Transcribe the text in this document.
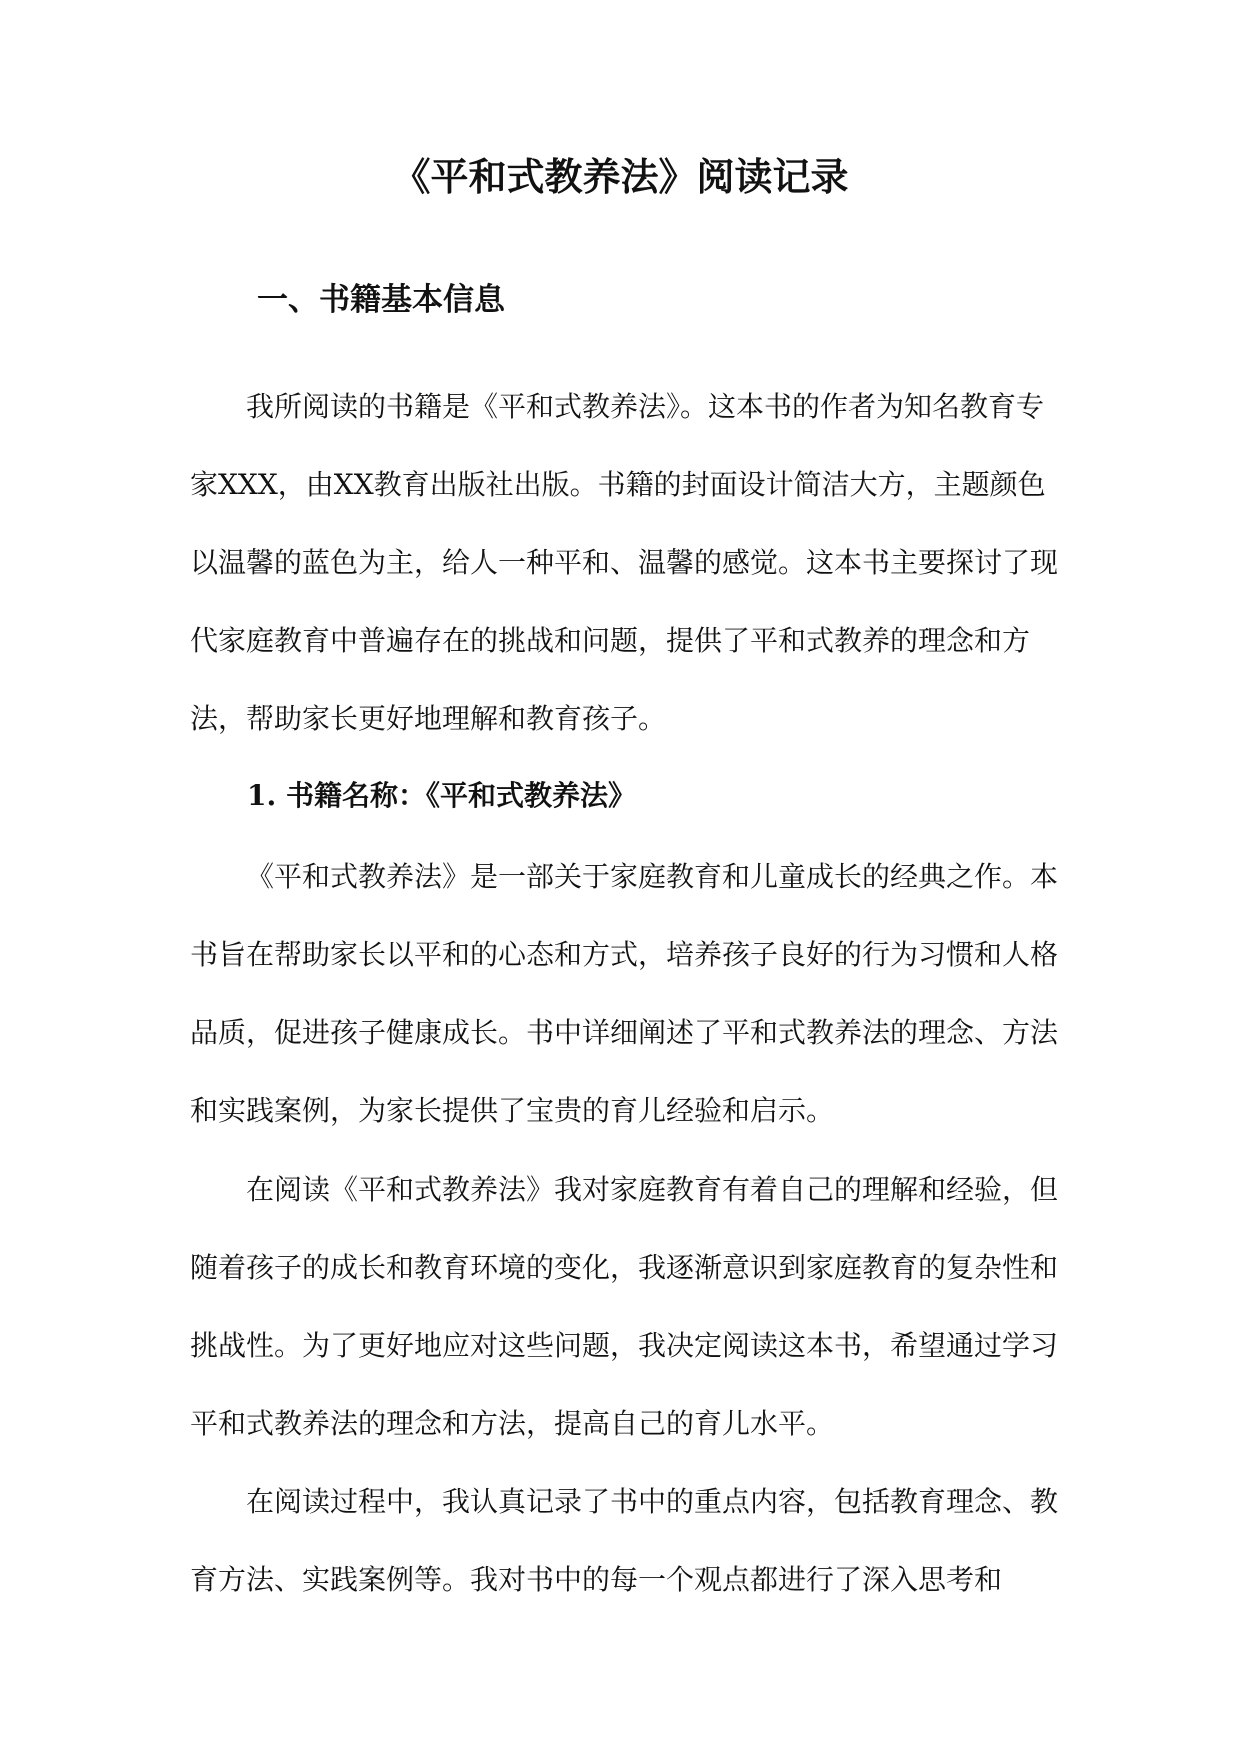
《平和式教养法》阅读记录
一、书籍基本信息

我所阅读的书籍是《平和式教养法》。这本书的作者为知名教育专家XXX，由XX教育出版社出版。书籍的封面设计简洁大方，主题颜色以温馨的蓝色为主，给人一种平和、温馨的感觉。这本书主要探讨了现代家庭教育中普遍存在的挑战和问题，提供了平和式教养的理念和方法，帮助家长更好地理解和教育孩子。

1. 书籍名称：《平和式教养法》

《平和式教养法》是一部关于家庭教育和儿童成长的经典之作。本书旨在帮助家长以平和的心态和方式，培养孩子良好的行为习惯和人格品质，促进孩子健康成长。书中详细阐述了平和式教养法的理念、方法和实践案例，为家长提供了宝贵的育儿经验和启示。

在阅读《平和式教养法》我对家庭教育有着自己的理解和经验，但随着孩子的成长和教育环境的变化，我逐渐意识到家庭教育的复杂性和挑战性。为了更好地应对这些问题，我决定阅读这本书，希望通过学习平和式教养法的理念和方法，提高自己的育儿水平。

在阅读过程中，我认真记录了书中的重点内容，包括教育理念、教育方法、实践案例等。我对书中的每一个观点都进行了深入思考和
